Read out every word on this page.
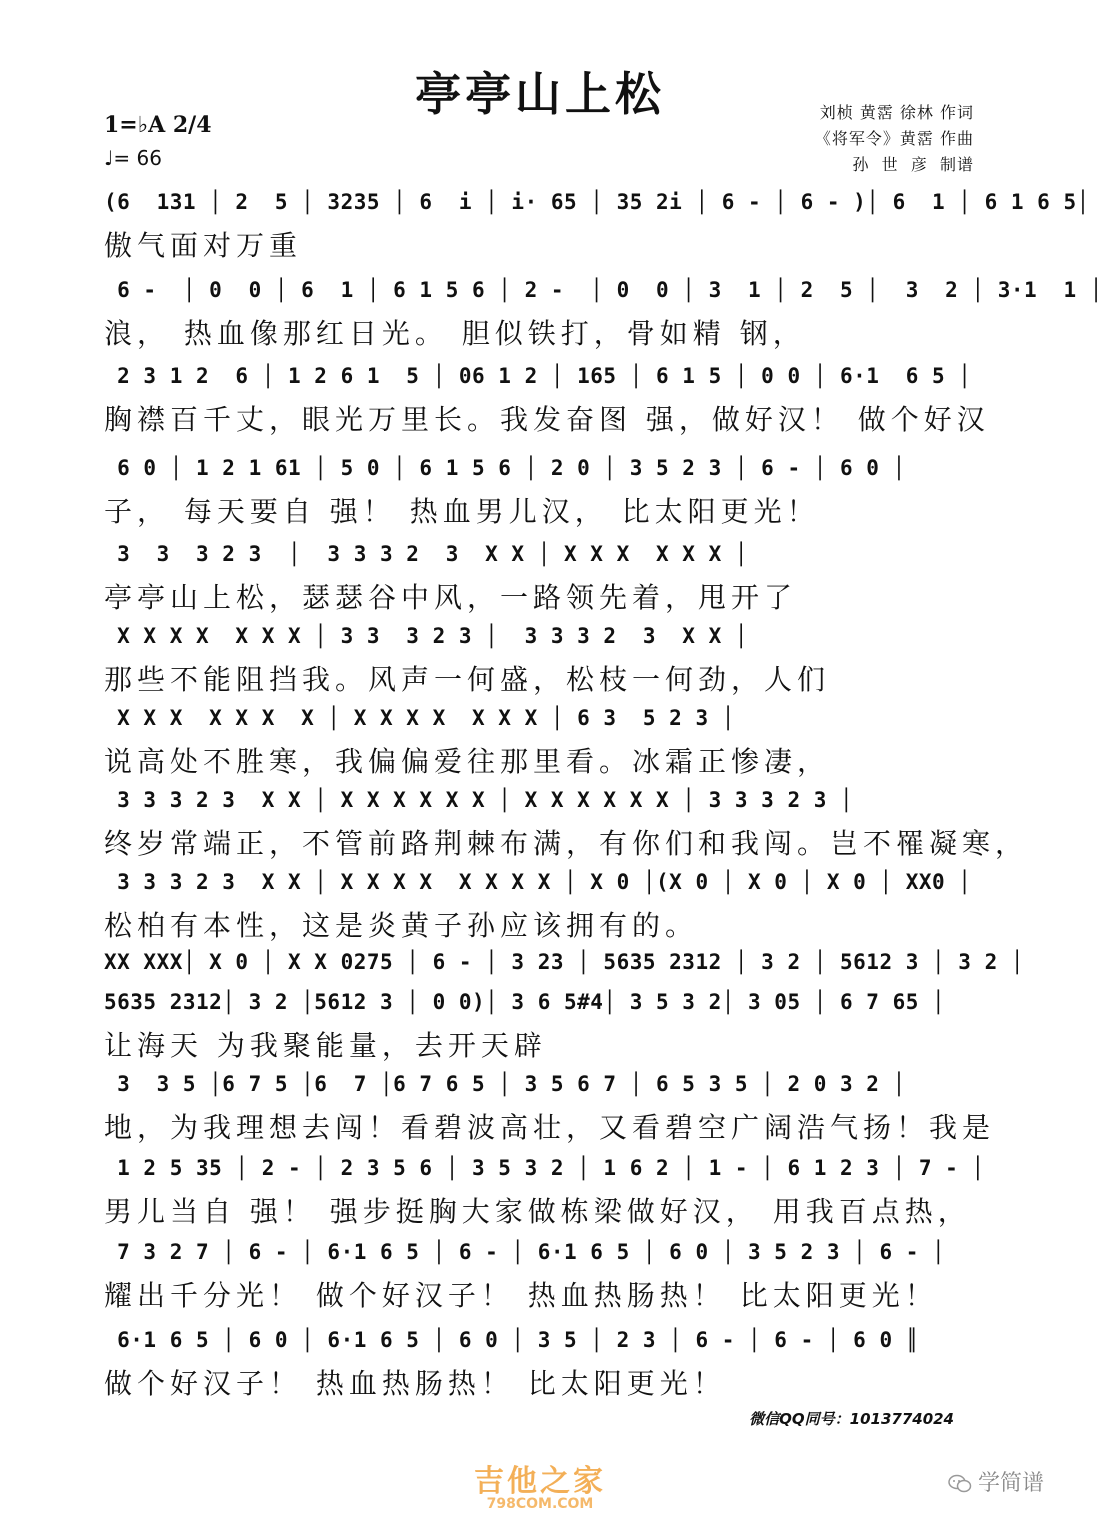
亭亭山上松
1=♭A 2/4
♩= 66
刘桢 黄霑 徐林 作词
《将军令》黄霑 作曲
孙  世  彦  制谱
(6  131 │ 2  5 │ 3235 │ 6  i │ i· 65 │ 35 2i │ 6 - │ 6 - )│ 6  1 │ 6 1 6 5│
傲气面对万重
6 -  │ 0  0 │ 6  1 │ 6 1 5 6 │ 2 -  │ 0  0 │ 3  1 │ 2  5 │  3  2 │ 3·1  1 │
浪， 热血像那红日光。 胆似铁打，骨如精 钢，
2 3 1 2  6 │ 1 2 6 1  5 │ 06 1 2 │ 165 │ 6 1 5 │ 0 0 │ 6·1  6 5 │
胸襟百千丈，眼光万里长。我发奋图 强，做好汉！ 做个好汉
6 0 │ 1 2 1 61 │ 5 0 │ 6 1 5 6 │ 2 0 │ 3 5 2 3 │ 6 - │ 6 0 │
子， 每天要自 强！ 热血男儿汉， 比太阳更光！
3  3  3 2 3  │  3 3 3 2  3  X X │ X X X  X X X │
亭亭山上松，瑟瑟谷中风，一路领先着，甩开了
X X X X  X X X │ 3 3  3 2 3 │  3 3 3 2  3  X X │
那些不能阻挡我。风声一何盛，松枝一何劲，人们
X X X  X X X  X │ X X X X  X X X │ 6 3  5 2 3 │
说高处不胜寒，我偏偏爱往那里看。冰霜正惨凄，
3 3 3 2 3  X X │ X X X X X X │ X X X X X X │ 3 3 3 2 3 │
终岁常端正，不管前路荆棘布满，有你们和我闯。岂不罹凝寒，
3 3 3 2 3  X X │ X X X X  X X X X │ X 0 │(X 0 │ X 0 │ X 0 │ XX0 │
松柏有本性，这是炎黄子孙应该拥有的。
XX XXX│ X 0 │ X X 0275 │ 6 - │ 3 23 │ 5635 2312 │ 3 2 │ 5612 3 │ 3 2 │
5635 2312│ 3 2 │5612 3 │ 0 0)│ 3 6 5#4│ 3 5 3 2│ 3 05 │ 6 7 65 │
让海天 为我聚能量，去开天辟
3  3 5 │6 7 5 │6  7 │6 7 6 5 │ 3 5 6 7 │ 6 5 3 5 │ 2 0 3 2 │
地，为我理想去闯！看碧波高壮，又看碧空广阔浩气扬！我是
1 2 5 35 │ 2 - │ 2 3 5 6 │ 3 5 3 2 │ 1 6 2 │ 1 - │ 6 1 2 3 │ 7 - │
男儿当自 强！ 强步挺胸大家做栋梁做好汉， 用我百点热，
7 3 2 7 │ 6 - │ 6·1 6 5 │ 6 - │ 6·1 6 5 │ 6 0 │ 3 5 2 3 │ 6 - │
耀出千分光！ 做个好汉子！ 热血热肠热！ 比太阳更光！
6·1 6 5 │ 6 0 │ 6·1 6 5 │ 6 0 │ 3 5 │ 2 3 │ 6 - │ 6 - │ 6 0 ║
做个好汉子！ 热血热肠热！ 比太阳更光！
微信QQ同号：1013774024
吉他之家
798COM.COM
学简谱
